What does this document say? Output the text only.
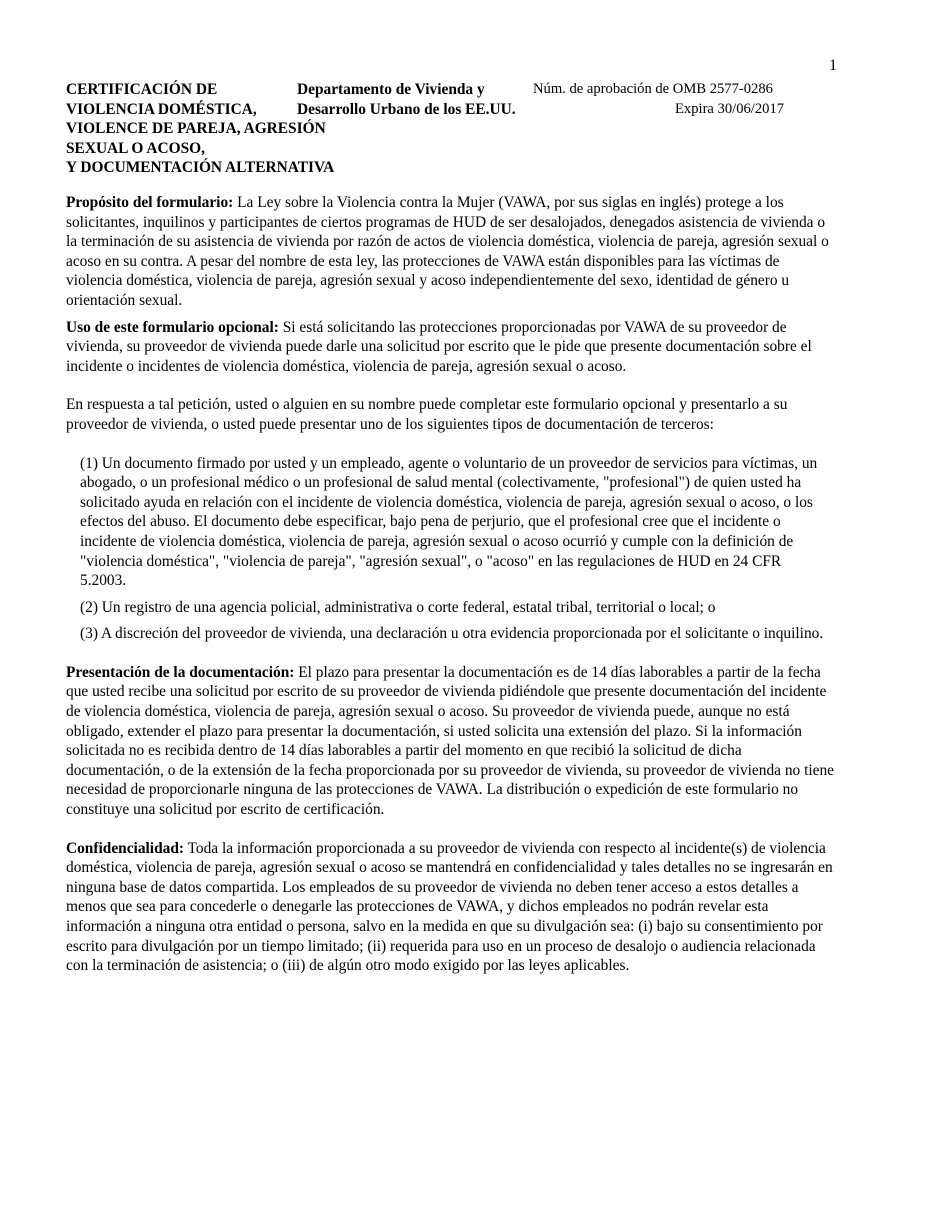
1
CERTIFICACIÓN DE
VIOLENCIA DOMÉSTICA,
VIOLENCE DE PAREJA, AGRESIÓN
SEXUAL O ACOSO,
Y DOCUMENTACIÓN ALTERNATIVA
Departamento de Vivienda y
Desarrollo Urbano de los EE.UU.
Núm. de aprobación de OMB 2577-0286
Expira 30/06/2017

Propósito del formulario: La Ley sobre la Violencia contra la Mujer (VAWA, por sus siglas en inglés) protege a los solicitantes, inquilinos y participantes de ciertos programas de HUD de ser desalojados, denegados asistencia de vivienda o la terminación de su asistencia de vivienda por razón de actos de violencia doméstica, violencia de pareja, agresión sexual o acoso en su contra. A pesar del nombre de esta ley, las protecciones de VAWA están disponibles para las víctimas de violencia doméstica, violencia de pareja, agresión sexual y acoso independientemente del sexo, identidad de género u orientación sexual.

Uso de este formulario opcional: Si está solicitando las protecciones proporcionadas por VAWA de su proveedor de vivienda, su proveedor de vivienda puede darle una solicitud por escrito que le pide que presente documentación sobre el incidente o incidentes de violencia doméstica, violencia de pareja, agresión sexual o acoso.

En respuesta a tal petición, usted o alguien en su nombre puede completar este formulario opcional y presentarlo a su proveedor de vivienda, o usted puede presentar uno de los siguientes tipos de documentación de terceros:

(1) Un documento firmado por usted y un empleado, agente o voluntario de un proveedor de servicios para víctimas, un abogado, o un profesional médico o un profesional de salud mental (colectivamente, "profesional") de quien usted ha solicitado ayuda en relación con el incidente de violencia doméstica, violencia de pareja, agresión sexual o acoso, o los efectos del abuso. El documento debe especificar, bajo pena de perjurio, que el profesional cree que el incidente o incidente de violencia doméstica, violencia de pareja, agresión sexual o acoso ocurrió y cumple con la definición de "violencia doméstica", "violencia de pareja", "agresión sexual", o "acoso" en las regulaciones de HUD en 24 CFR
5.2003.

(2) Un registro de una agencia policial, administrativa o corte federal, estatal tribal, territorial o local; o

(3) A discreción del proveedor de vivienda, una declaración u otra evidencia proporcionada por el solicitante o inquilino.

Presentación de la documentación: El plazo para presentar la documentación es de 14 días laborables a partir de la fecha que usted recibe una solicitud por escrito de su proveedor de vivienda pidiéndole que presente documentación del incidente de violencia doméstica, violencia de pareja, agresión sexual o acoso. Su proveedor de vivienda puede, aunque no está obligado, extender el plazo para presentar la documentación, si usted solicita una extensión del plazo. Si la información solicitada no es recibida dentro de 14 días laborables a partir del momento en que recibió la solicitud de dicha documentación, o de la extensión de la fecha proporcionada por su proveedor de vivienda, su proveedor de vivienda no tiene necesidad de proporcionarle ninguna de las protecciones de VAWA. La distribución o expedición de este formulario no constituye una solicitud por escrito de certificación.

Confidencialidad: Toda la información proporcionada a su proveedor de vivienda con respecto al incidente(s) de violencia doméstica, violencia de pareja, agresión sexual o acoso se mantendrá en confidencialidad y tales detalles no se ingresarán en ninguna base de datos compartida. Los empleados de su proveedor de vivienda no deben tener acceso a estos detalles a menos que sea para concederle o denegarle las protecciones de VAWA, y dichos empleados no podrán revelar esta información a ninguna otra entidad o persona, salvo en la medida en que su divulgación sea: (i) bajo su consentimiento por escrito para divulgación por un tiempo limitado; (ii) requerida para uso en un proceso de desalojo o audiencia relacionada con la terminación de asistencia; o (iii) de algún otro modo exigido por las leyes aplicables.
